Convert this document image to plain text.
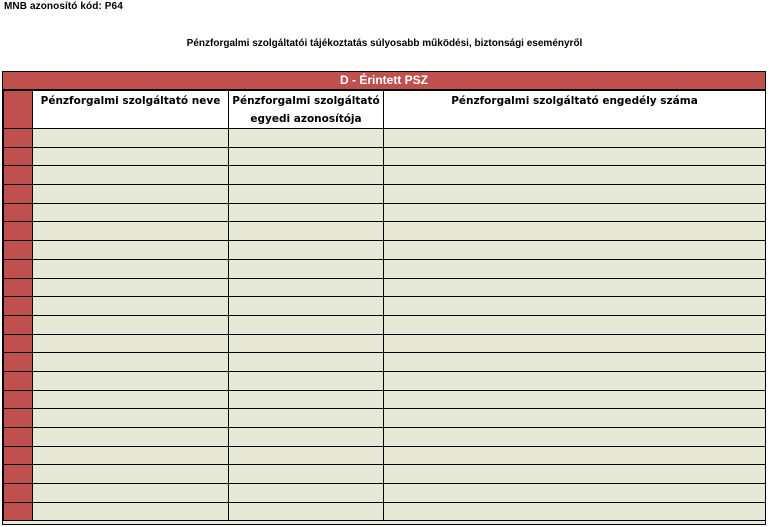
MNB azonosító kód: P64
Pénzforgalmi szolgáltatói tájékoztatás súlyosabb működési, biztonsági eseményről
D - Érintett PSZ
	Pénzforgalmi szolgáltató neve	Pénzforgalmi szolgáltató egyedi azonosítója	Pénzforgalmi szolgáltató engedély száma
